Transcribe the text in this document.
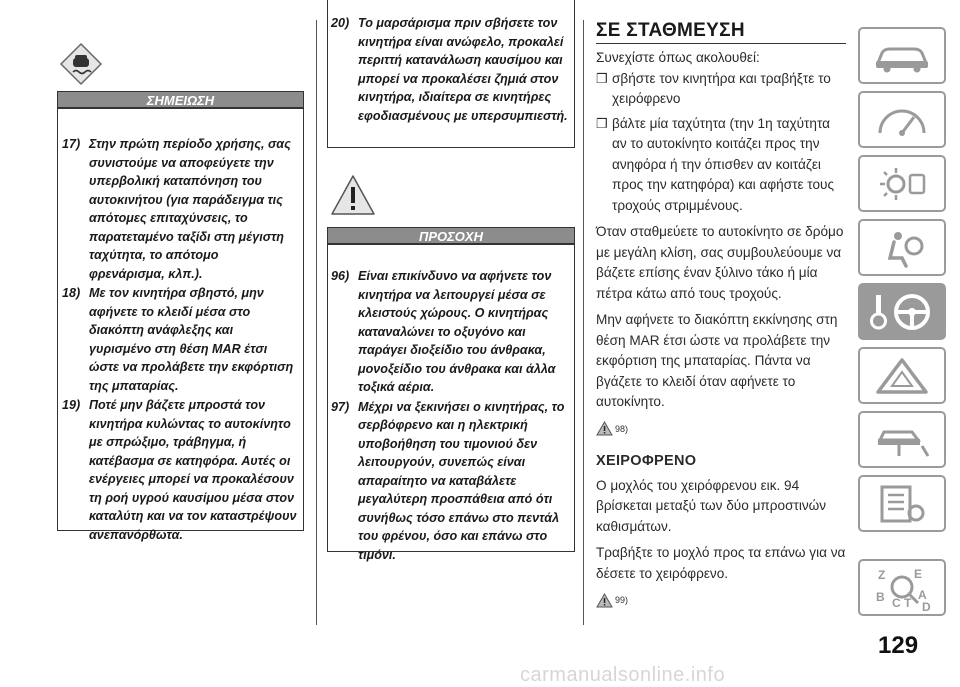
ΣΗΜΕΙΩΣΗ

17) Στην πρώτη περίοδο χρήσης, σας συνιστούμε να αποφεύγετε την υπερβολική καταπόνηση του αυτοκινήτου (για παράδειγμα τις απότομες επιταχύνσεις, το παρατεταμένο ταξίδι στη μέγιστη ταχύτητα, το απότομο φρενάρισμα, κλπ.).

18) Με τον κινητήρα σβηστό, μην αφήνετε το κλειδί μέσα στο διακόπτη ανάφλεξης και γυρισμένο στη θέση MAR έτσι ώστε να προλάβετε την εκφόρτιση της μπαταρίας.

19) Ποτέ μην βάζετε μπροστά τον κινητήρα κυλώντας το αυτοκίνητο με σπρώξιμο, τράβηγμα, ή κατέβασμα σε κατηφόρα. Αυτές οι ενέργειες μπορεί να προκαλέσουν τη ροή υγρού καυσίμου μέσα στον καταλύτη και να τον καταστρέψουν ανεπανόρθωτα.

20) Το μαρσάρισμα πριν σβήσετε τον κινητήρα είναι ανώφελο, προκαλεί περιττή κατανάλωση καυσίμου και μπορεί να προκαλέσει ζημιά στον κινητήρα, ιδιαίτερα σε κινητήρες εφοδιασμένους με υπερσυμπιεστή.

ΠΡΟΣΟΧΗ

96) Είναι επικίνδυνο να αφήνετε τον κινητήρα να λειτουργεί μέσα σε κλειστούς χώρους. Ο κινητήρας καταναλώνει το οξυγόνο και παράγει διοξείδιο του άνθρακα, μονοξείδιο του άνθρακα και άλλα τοξικά αέρια.

97) Μέχρι να ξεκινήσει ο κινητήρας, το σερβόφρενο και η ηλεκτρική υποβοήθηση του τιμονιού δεν λειτουργούν, συνεπώς είναι απαραίτητο να καταβάλετε μεγαλύτερη προσπάθεια από ότι συνήθως τόσο επάνω στο πεντάλ του φρένου, όσο και επάνω στο τιμόνι.

ΣΕ ΣΤΑΘΜΕΥΣΗ

Συνεχίστε όπως ακολουθεί:

❒ σβήστε τον κινητήρα και τραβήξτε το χειρόφρενο

❒ βάλτε μία ταχύτητα (την 1η ταχύτητα αν το αυτοκίνητο κοιτάζει προς την ανηφόρα ή την όπισθεν αν κοιτάζει προς την κατηφόρα) και αφήστε τους τροχούς στριμμένους.

Όταν σταθμεύετε το αυτοκίνητο σε δρόμο με μεγάλη κλίση, σας συμβουλεύουμε να βάζετε επίσης έναν ξύλινο τάκο ή μία πέτρα κάτω από τους τροχούς.

Μην αφήνετε το διακόπτη εκκίνησης στη θέση MAR έτσι ώστε να προλάβετε την εκφόρτιση της μπαταρίας. Πάντα να βγάζετε το κλειδί όταν αφήνετε το αυτοκίνητο.

98)
ΧΕΙΡΟΦΡΕΝΟ

Ο μοχλός του χειρόφρενου εικ. 94 βρίσκεται μεταξύ των δύο μπροστινών καθισμάτων.

Τραβήξτε το μοχλό προς τα επάνω για να δέσετε το χειρόφρενο.

99)
Z E
B	A
C T D
129
carmanualsonline.info
